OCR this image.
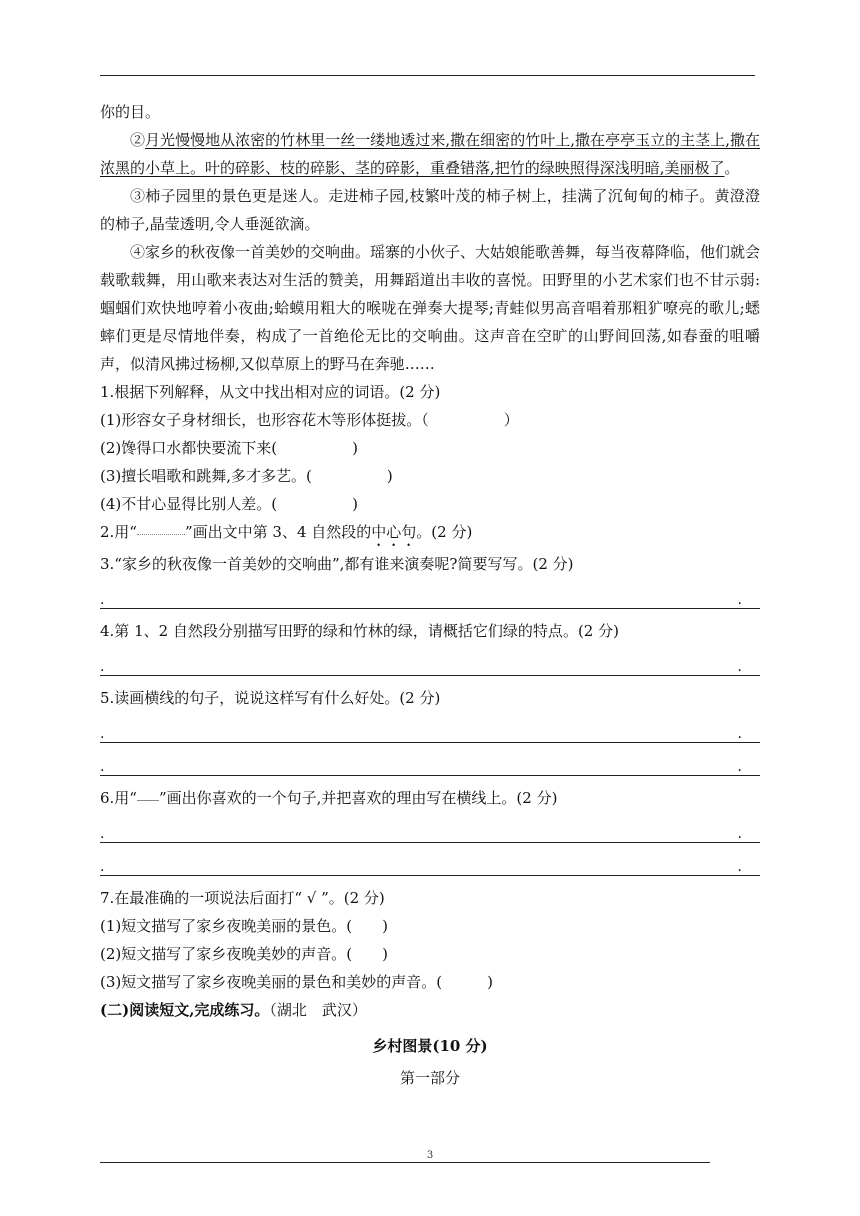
你的目。

②月光慢慢地从浓密的竹林里一丝一缕地透过来,撒在细密的竹叶上,撒在亭亭玉立的主茎上,撒在浓黑的小草上。叶的碎影、枝的碎影、茎的碎影，重叠错落,把竹的绿映照得深浅明暗,美丽极了。

③柿子园里的景色更是迷人。走进柿子园,枝繁叶茂的柿子树上，挂满了沉甸甸的柿子。黄澄澄的柿子,晶莹透明,令人垂涎欲滴。

④家乡的秋夜像一首美妙的交响曲。瑶寨的小伙子、大姑娘能歌善舞，每当夜幕降临，他们就会载歌载舞，用山歌来表达对生活的赞美，用舞蹈道出丰收的喜悦。田野里的小艺术家们也不甘示弱:蝈蝈们欢快地哼着小夜曲;蛤蟆用粗大的喉咙在弹奏大提琴;青蛙似男高音唱着那粗犷嘹亮的歌儿;蟋蟀们更是尽情地伴奏，构成了一首绝伦无比的交响曲。这声音在空旷的山野间回荡,如春蚕的咀嚼声，似清风拂过杨柳,又似草原上的野马在奔驰……

1.根据下列解释，从文中找出相对应的词语。(2 分)

(1)形容女子身材细长，也形容花木等形体挺拔。（　　　　　）

(2)馋得口水都快要流下来(　　　　　)

(3)擅长唱歌和跳舞,多才多艺。(　　　　　)

(4)不甘心显得比别人差。(　　　　　)

2.用“	”画出文中第 3、4 自然段的中心句。(2 分)

3.“家乡的秋夜像一首美妙的交响曲”,都有谁来演奏呢?简要写写。(2 分)

.	.

4.第 1、2 自然段分别描写田野的绿和竹林的绿，请概括它们绿的特点。(2 分)

.	.

5.读画横线的句子，说说这样写有什么好处。(2 分)

.	.
.	.

6.用“ ”画出你喜欢的一个句子,并把喜欢的理由写在横线上。(2 分)

.	.
.	.

7.在最准确的一项说法后面打“ √ ”。(2 分)

(1)短文描写了家乡夜晚美丽的景色。(　　)

(2)短文描写了家乡夜晚美妙的声音。(　　)

(3)短文描写了家乡夜晚美丽的景色和美妙的声音。(　　　)

(二)阅读短文,完成练习。（湖北　武汉）

乡村图景(10 分)

第一部分

3
